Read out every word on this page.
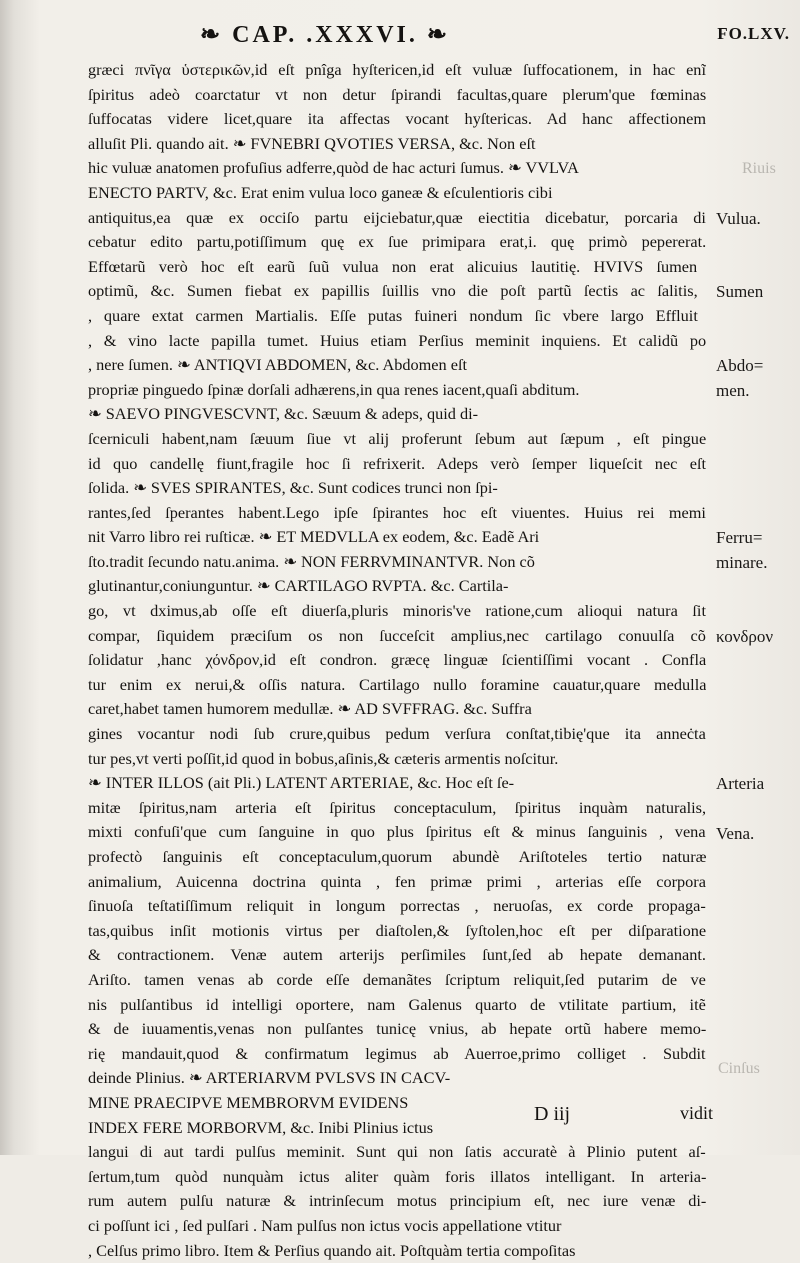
Riuis
Cinſus
❧ CAP. .XXXVI. ❧	FO.LXV.
græci πνῖγα ὑστερικῶν,id eſt pnîga hyſtericen,id eſt vuluæ ſuffocationem, in hac enĩ
ſpiritus adeò coarctatur vt non detur ſpirandi facultas,quare plerum'que fœminas
ſuffocatas videre licet,quare ita affectas vocant hyſtericas. Ad hanc affectionem
alluſit Pli. quando ait. ❧ FVNEBRI QVOTIES VERSA, &c. Non eſt
hic vuluæ anatomen profuſius adferre,quòd de hac acturi ſumus. ❧ VVLVA
ENECTO PARTV, &c. Erat enim vulua loco ganeæ & eſculentioris cibi
antiquitus,ea quæ ex occiſo partu eijciebatur,quæ eiectitia dicebatur, porcaria di
cebatur edito partu,potiſſimum quę ex ſue primipara erat,i. quę primò pepererat.
Effœtarũ verò hoc eſt earũ ſuũ vulua non erat alicuius lautitię. HVIVS ſumen
optimũ, &c. Sumen fiebat ex papillis ſuillis vno die poſt partũ ſectis ac ſalitis,
, quare extat carmen Martialis. Eſſe putas fuineri nondum ſic vbere largo Effluit
, & vino lacte papilla tumet. Huius etiam Perſius meminit inquiens. Et calidũ po
, nere ſumen. ❧ ANTIQVI ABDOMEN, &c. Abdomen eſt
propriæ pinguedo ſpinæ dorſali adhærens,in qua renes iacent,quaſi abditum.
❧ SAEVO PINGVESCVNT, &c. Sæuum & adeps, quid di-
ſcerniculi habent,nam ſæuum ſiue vt alij proferunt ſebum aut ſæpum , eſt pingue
id quo candellę fiunt,fragile hoc ſi refrixerit. Adeps verò ſemper liqueſcit nec eſt
ſolida. ❧ SVES SPIRANTES, &c. Sunt codices trunci non ſpi-
rantes,ſed ſperantes habent.Lego ipſe ſpirantes hoc eſt viuentes. Huius rei memi
nit Varro libro rei ruſticæ. ❧ ET MEDVLLA ex eodem, &c. Eadẽ Ari
ſto.tradit ſecundo natu.anima. ❧ NON FERRVMINANTVR. Non cõ
glutinantur,coniunguntur. ❧ CARTILAGO RVPTA. &c. Cartila-
go, vt dximus,ab oſſe eſt diuerſa,pluris minoris've ratione,cum alioqui natura ſit
compar, ſiquidem præciſum os non ſucceſcit amplius,nec cartilago conuulſa cõ
ſolidatur ,hanc χόνδρον,id eſt condron. græcę linguæ ſcientiſſimi vocant . Confla
tur enim ex nerui,& oſſis natura. Cartilago nullo foramine cauatur,quare medulla
caret,habet tamen humorem medullæ. ❧ AD SVFFRAG. &c. Suffra
gines vocantur nodi ſub crure,quibus pedum verſura conſtat,tibię'que ita anneċta
tur pes,vt verti poſſit,id quod in bobus,aſinis,& cæteris armentis noſcitur.
❧ INTER ILLOS (ait Pli.) LATENT ARTERIAE, &c. Hoc eſt ſe-
mitæ ſpiritus,nam arteria eſt ſpiritus conceptaculum, ſpiritus inquàm naturalis,
mixti confuſi'que cum ſanguine in quo plus ſpiritus eſt & minus ſanguinis , vena
profectò ſanguinis eſt conceptaculum,quorum abundè Ariſtoteles tertio naturæ
animalium, Auicenna doctrina quinta , fen primæ primi , arterias eſſe corpora
ſinuoſa teſtatiſſimum reliquit in longum porrectas , neruoſas, ex corde propaga-
tas,quibus inſit motionis virtus per diaſtolen,& ſyſtolen,hoc eſt per diſparatione
& contractionem. Venæ autem arterijs perſimiles ſunt,ſed ab hepate demanant.
Ariſto. tamen venas ab corde eſſe demanãtes ſcriptum reliquit,ſed putarim de ve
nis pulſantibus id intelligi oportere, nam Galenus quarto de vtilitate partium, itẽ
& de iuuamentis,venas non pulſantes tunicę vnius, ab hepate ortũ habere memo-
rię mandauit,quod & confirmatum legimus ab Auerroe,primo colliget . Subdit
deinde Plinius. ❧ ARTERIARVM PVLSVS IN CACV-
MINE PRAECIPVE MEMBRORVM EVIDENS
INDEX FERE MORBORVM, &c. Inibi Plinius ictus
langui di aut tardi pulſus meminit. Sunt qui non ſatis accuratè à Plinio putent aſ-
ſertum,tum quòd nunquàm ictus aliter quàm foris illatos intelligant. In arteria-
rum autem pulſu naturæ & intrinſecum motus principium eſt, nec iure venæ di-
ci poſſunt ici , ſed pulſari . Nam pulſus non ictus vocis appellatione vtitur
, Celſus primo libro. Item & Perſius quando ait. Poſtquàm tertia compoſitas
Vulua.
Sumen
Abdo=
men.
Ferru=
minare.
κονδρον
Arteria
Vena.
D iij	vidit
